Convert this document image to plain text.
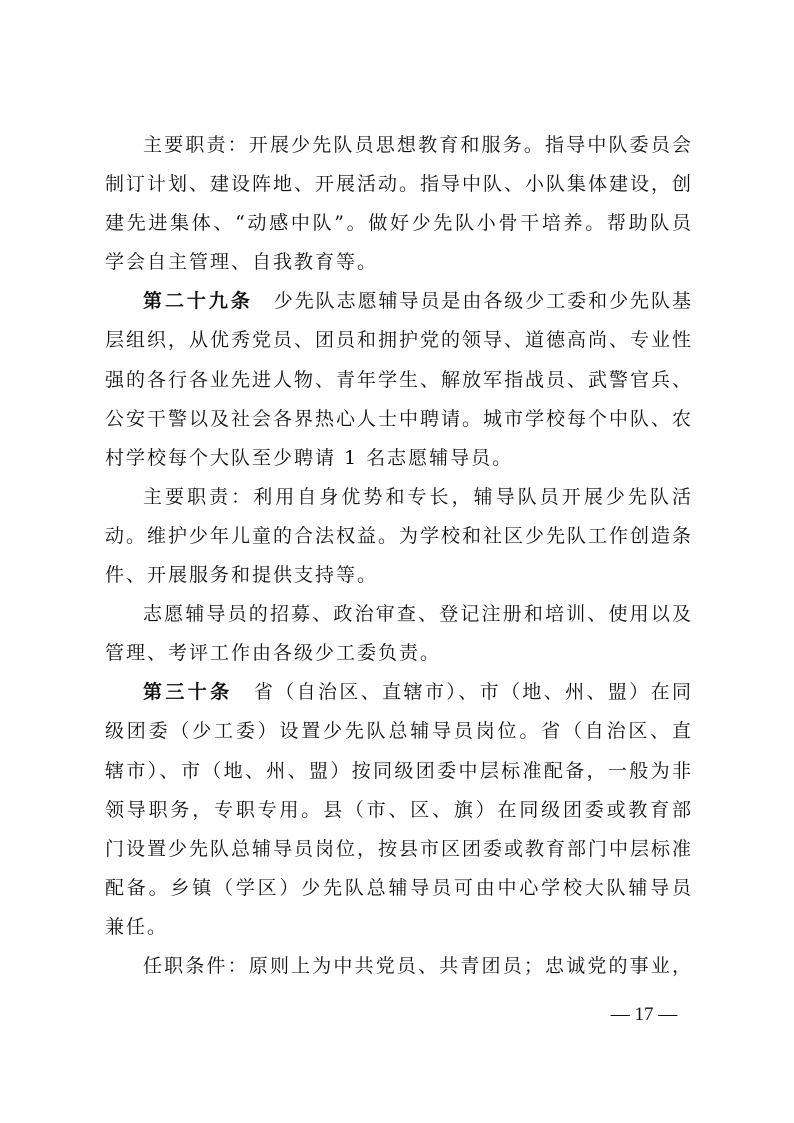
主要职责：开展少先队员思想教育和服务。指导中队委员会
制订计划、建设阵地、开展活动。指导中队、小队集体建设，创
建先进集体、“动感中队”。做好少先队小骨干培养。帮助队员
学会自主管理、自我教育等。
第二十九条　 少先队志愿辅导员是由各级少工委和少先队基
层组织，从优秀党员、团员和拥护党的领导、道德高尚、专业性
强的各行各业先进人物、青年学生、解放军指战员、武警官兵、
公安干警以及社会各界热心人士中聘请。城市学校每个中队、农
村学校每个大队至少聘请 1 名志愿辅导员。
主要职责：利用自身优势和专长，辅导队员开展少先队活
动。维护少年儿童的合法权益。为学校和社区少先队工作创造条
件、开展服务和提供支持等。
志愿辅导员的招募、政治审查、登记注册和培训、使用以及
管理、考评工作由各级少工委负责。
第三十条　 省（自治区、直辖市）、市（地、州、盟）在同
级团委（少工委）设置少先队总辅导员岗位。省（自治区、直
辖市）、市（地、州、盟）按同级团委中层标准配备，一般为非
领导职务，专职专用。县（市、区、旗）在同级团委或教育部
门设置少先队总辅导员岗位，按县市区团委或教育部门中层标准
配备。乡镇（学区）少先队总辅导员可由中心学校大队辅导员
兼任。
任职条件：原则上为中共党员、共青团员；忠诚党的事业，
— 17 —
